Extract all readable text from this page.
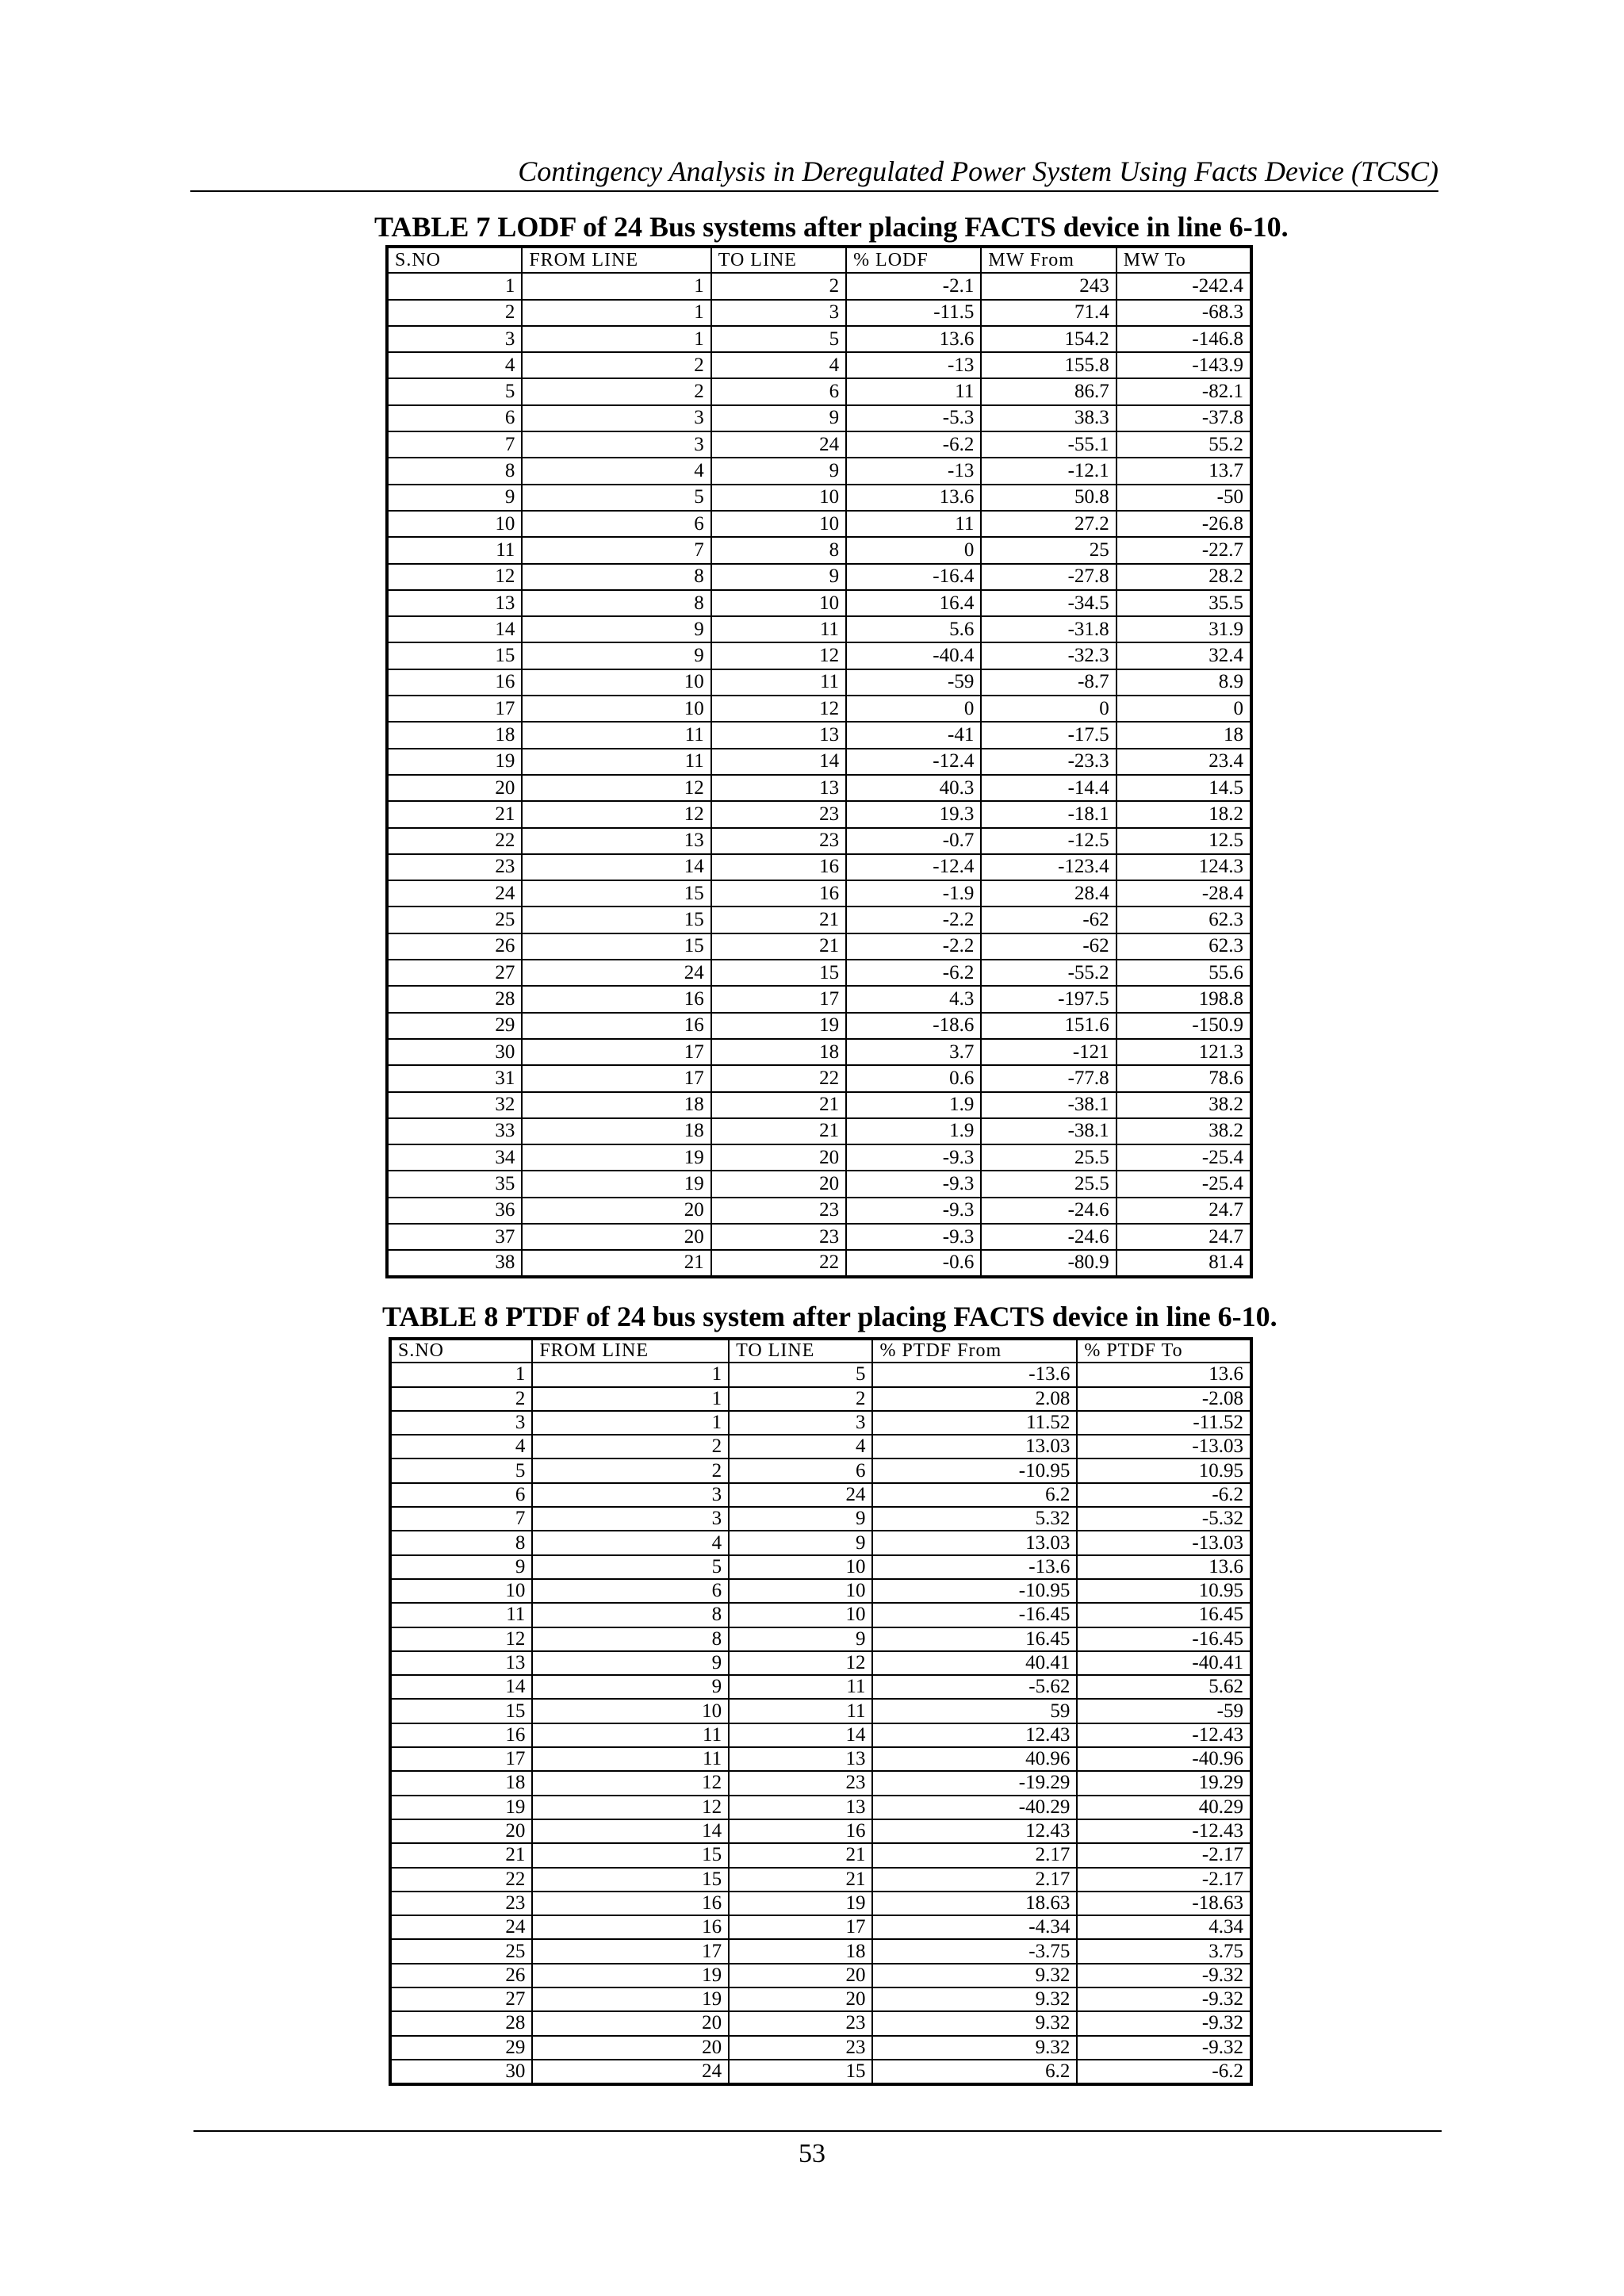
Contingency Analysis in Deregulated Power System Using Facts Device (TCSC)
TABLE 7 LODF of 24 Bus systems after placing FACTS device in line 6-10.
S.NO	FROM LINE	TO LINE	% LODF	MW From	MW To
1	1	2	-2.1	243	-242.4
2	1	3	-11.5	71.4	-68.3
3	1	5	13.6	154.2	-146.8
4	2	4	-13	155.8	-143.9
5	2	6	11	86.7	-82.1
6	3	9	-5.3	38.3	-37.8
7	3	24	-6.2	-55.1	55.2
8	4	9	-13	-12.1	13.7
9	5	10	13.6	50.8	-50
10	6	10	11	27.2	-26.8
11	7	8	0	25	-22.7
12	8	9	-16.4	-27.8	28.2
13	8	10	16.4	-34.5	35.5
14	9	11	5.6	-31.8	31.9
15	9	12	-40.4	-32.3	32.4
16	10	11	-59	-8.7	8.9
17	10	12	0	0	0
18	11	13	-41	-17.5	18
19	11	14	-12.4	-23.3	23.4
20	12	13	40.3	-14.4	14.5
21	12	23	19.3	-18.1	18.2
22	13	23	-0.7	-12.5	12.5
23	14	16	-12.4	-123.4	124.3
24	15	16	-1.9	28.4	-28.4
25	15	21	-2.2	-62	62.3
26	15	21	-2.2	-62	62.3
27	24	15	-6.2	-55.2	55.6
28	16	17	4.3	-197.5	198.8
29	16	19	-18.6	151.6	-150.9
30	17	18	3.7	-121	121.3
31	17	22	0.6	-77.8	78.6
32	18	21	1.9	-38.1	38.2
33	18	21	1.9	-38.1	38.2
34	19	20	-9.3	25.5	-25.4
35	19	20	-9.3	25.5	-25.4
36	20	23	-9.3	-24.6	24.7
37	20	23	-9.3	-24.6	24.7
38	21	22	-0.6	-80.9	81.4
TABLE 8 PTDF of 24 bus system after placing FACTS device in line 6-10.
S.NO	FROM LINE	TO LINE	% PTDF From	% PTDF To
1	1	5	-13.6	13.6
2	1	2	2.08	-2.08
3	1	3	11.52	-11.52
4	2	4	13.03	-13.03
5	2	6	-10.95	10.95
6	3	24	6.2	-6.2
7	3	9	5.32	-5.32
8	4	9	13.03	-13.03
9	5	10	-13.6	13.6
10	6	10	-10.95	10.95
11	8	10	-16.45	16.45
12	8	9	16.45	-16.45
13	9	12	40.41	-40.41
14	9	11	-5.62	5.62
15	10	11	59	-59
16	11	14	12.43	-12.43
17	11	13	40.96	-40.96
18	12	23	-19.29	19.29
19	12	13	-40.29	40.29
20	14	16	12.43	-12.43
21	15	21	2.17	-2.17
22	15	21	2.17	-2.17
23	16	19	18.63	-18.63
24	16	17	-4.34	4.34
25	17	18	-3.75	3.75
26	19	20	9.32	-9.32
27	19	20	9.32	-9.32
28	20	23	9.32	-9.32
29	20	23	9.32	-9.32
30	24	15	6.2	-6.2
53
